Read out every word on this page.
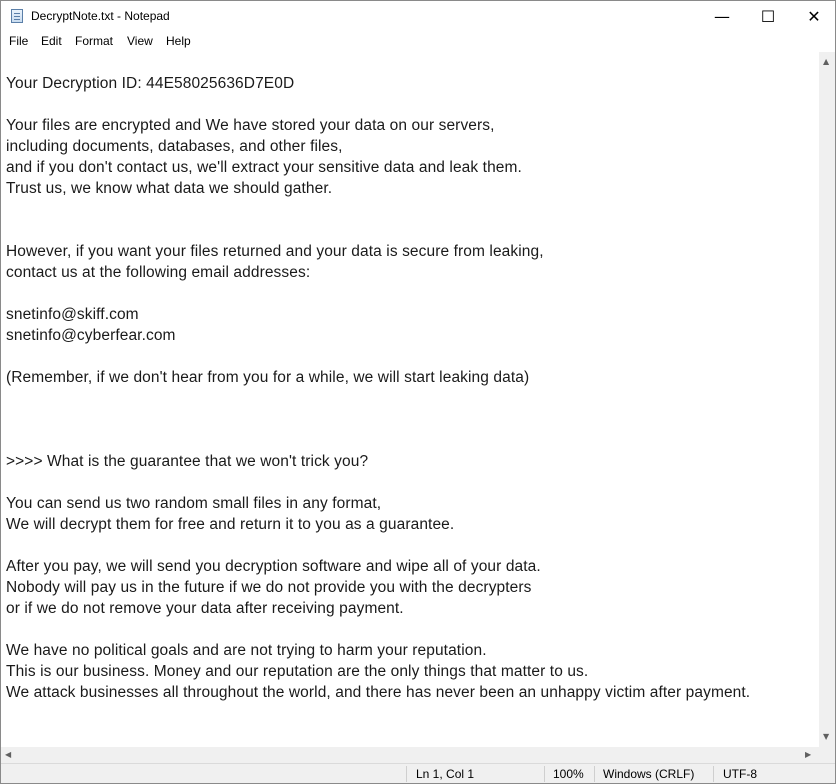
DecryptNote.txt - Notepad	—	☐	✕
File Edit Format View Help
Your Decryption ID: 44E58025636D7E0D
Your files are encrypted and We have stored your data on our servers,
including documents, databases, and other files,
and if you don't contact us, we'll extract your sensitive data and leak them.
Trust us, we know what data we should gather.
However, if you want your files returned and your data is secure from leaking,
contact us at the following email addresses:
snetinfo@skiff.com
snetinfo@cyberfear.com
(Remember, if we don't hear from you for a while, we will start leaking data)
>>>> What is the guarantee that we won't trick you?
You can send us two random small files in any format,
We will decrypt them for free and return it to you as a guarantee.
After you pay, we will send you decryption software and wipe all of your data.
Nobody will pay us in the future if we do not provide you with the decrypters
or if we do not remove your data after receiving payment.
We have no political goals and are not trying to harm your reputation.
This is our business. Money and our reputation are the only things that matter to us.
We attack businesses all throughout the world, and there has never been an unhappy victim after payment.
▲
▼
◀	▶
Ln 1, Col 1	100% Windows (CRLF) UTF-8
